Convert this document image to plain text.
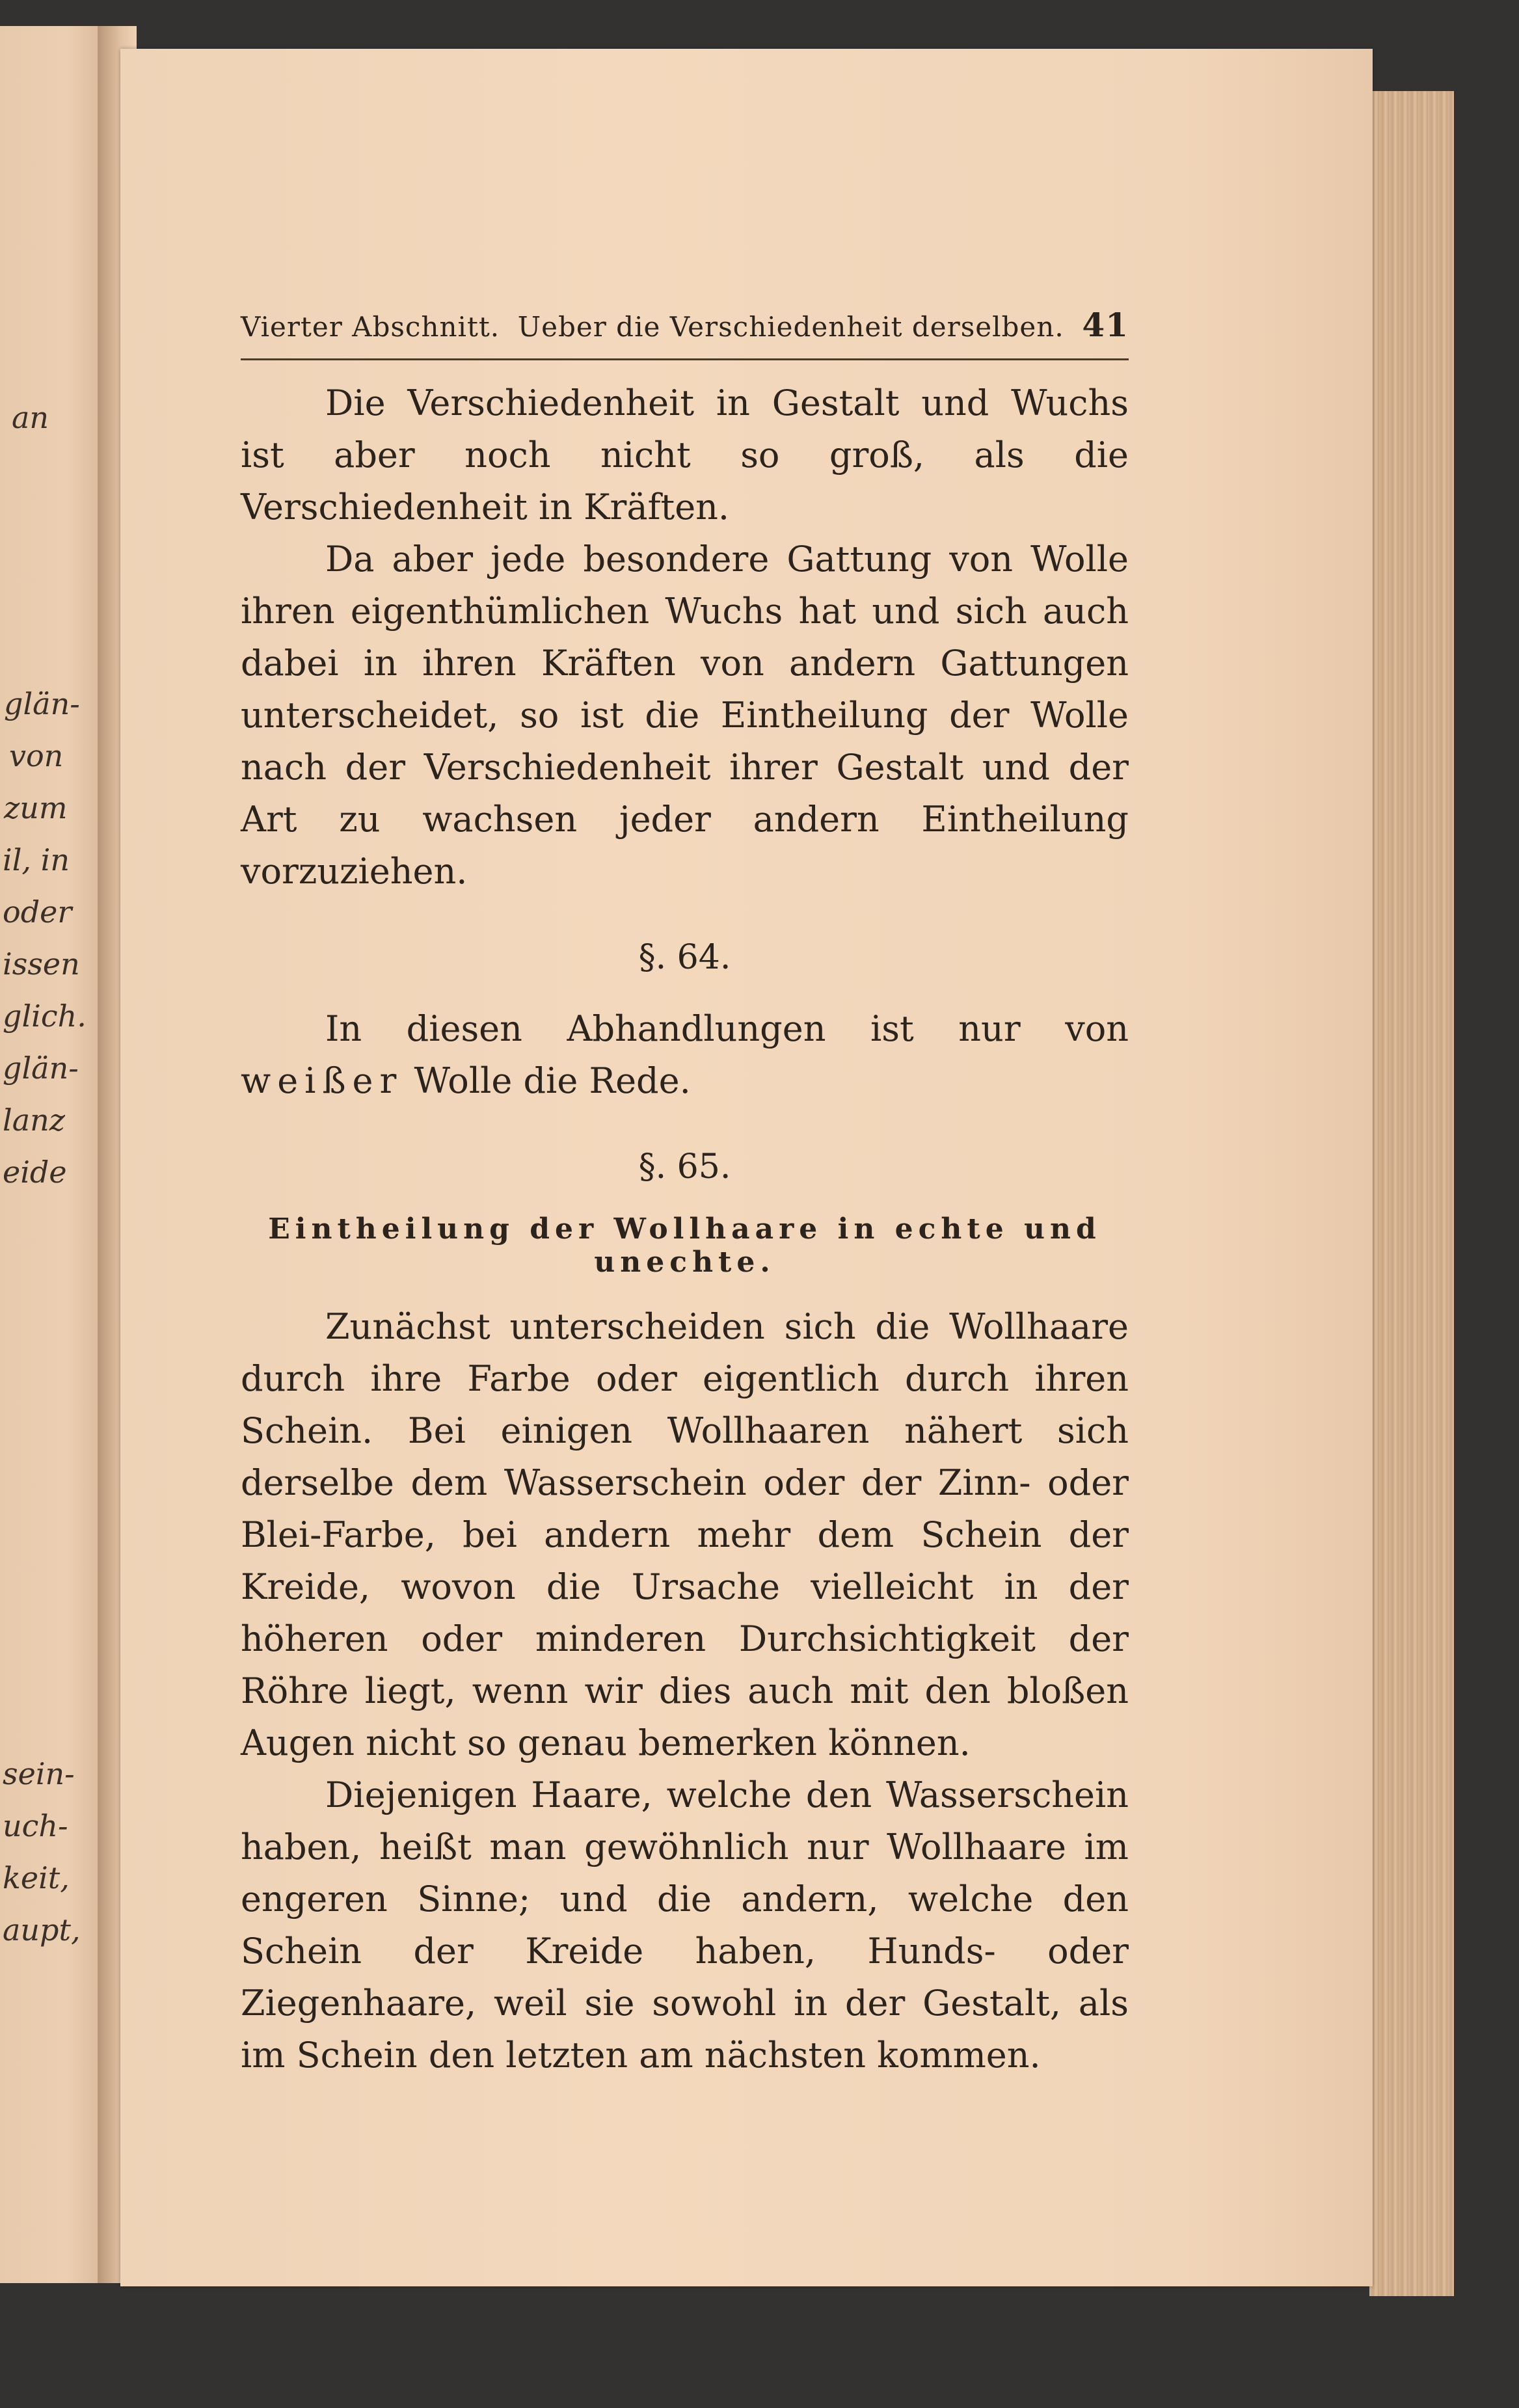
an
glän-
von
zum
il, in
oder
issen
glich.
glän-
lanz
eide
sein-
uch-
keit,
aupt,
Vierter Abschnitt. Ueber die Verschiedenheit derselben. 41

Die Verschiedenheit in Gestalt und Wuchs ist aber noch nicht so groß, als die Verschiedenheit in Kräften.

Da aber jede besondere Gattung von Wolle ihren eigenthümlichen Wuchs hat und sich auch dabei in ihren Kräften von andern Gattungen unterscheidet, so ist die Eintheilung der Wolle nach der Verschiedenheit ihrer Gestalt und der Art zu wachsen jeder andern Eintheilung vorzuziehen.

§. 64.

In diesen Abhandlungen ist nur von weißer Wolle die Rede.

§. 65.
Eintheilung der Wollhaare in echte und unechte.

Zunächst unterscheiden sich die Wollhaare durch ihre Farbe oder eigentlich durch ihren Schein. Bei einigen Wollhaaren nähert sich derselbe dem Wasserschein oder der Zinn- oder Blei-Farbe, bei andern mehr dem Schein der Kreide, wovon die Ursache vielleicht in der höheren oder minderen Durchsichtigkeit der Röhre liegt, wenn wir dies auch mit den bloßen Augen nicht so genau bemerken können.

Diejenigen Haare, welche den Wasserschein haben, heißt man gewöhnlich nur Wollhaare im engeren Sinne; und die andern, welche den Schein der Kreide haben, Hunds- oder Ziegenhaare, weil sie sowohl in der Gestalt, als im Schein den letzten am nächsten kommen.
